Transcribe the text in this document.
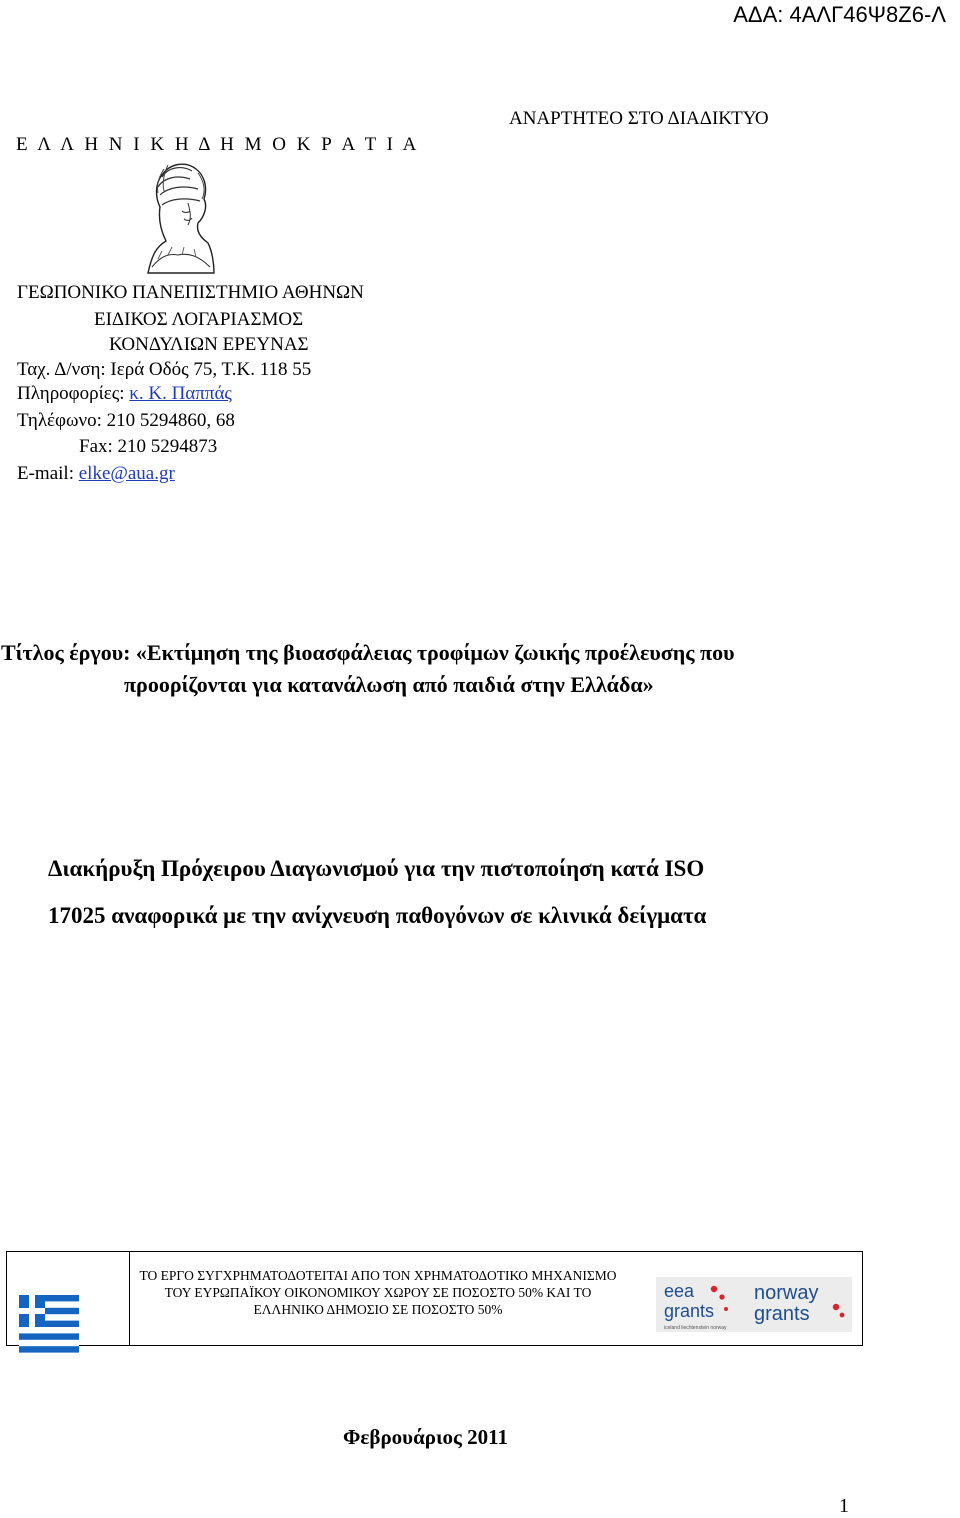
ΑΔΑ: 4ΑΛΓ46Ψ8Ζ6-Λ
Ε Λ Λ Η Ν Ι Κ Η Δ Η Μ Ο Κ Ρ Α Τ Ι Α
ΑΝΑΡΤΗΤΕΟ ΣΤΟ ΔΙΑΔΙΚΤΥΟ
ΓΕΩΠΟΝΙΚΟ ΠΑΝΕΠΙΣΤΗΜΙΟ ΑΘΗΝΩΝ
ΕΙΔΙΚΟΣ ΛΟΓΑΡΙΑΣΜΟΣ
ΚΟΝΔΥΛΙΩΝ ΕΡΕΥΝΑΣ
Ταχ. Δ/νση: Ιερά Οδός 75, Τ.Κ. 118 55
Πληροφορίες: κ. Κ. Παππάς
Τηλέφωνο: 210 5294860, 68
Fax: 210 5294873
E-mail: elke@aua.gr
Τίτλος έργου: «Εκτίμηση της βιοασφάλειας τροφίμων ζωικής προέλευσης που
προορίζονται για κατανάλωση από παιδιά στην Ελλάδα»
Διακήρυξη Πρόχειρου Διαγωνισμού για την πιστοποίηση κατά ISO
17025 αναφορικά με την ανίχνευση παθογόνων σε κλινικά δείγματα
ΤΟ ΕΡΓΟ ΣΥΓΧΡΗΜΑΤΟΔΟΤΕΙΤΑΙ ΑΠΟ ΤΟΝ ΧΡΗΜΑΤΟΔΟΤΙΚΟ ΜΗΧΑΝΙΣΜΟ ΤΟΥ ΕΥΡΩΠΑΪΚΟΥ ΟΙΚΟΝΟΜΙΚΟΥ ΧΩΡΟΥ ΣΕ ΠΟΣΟΣΤΟ 50% ΚΑΙ ΤΟ ΕΛΛΗΝΙΚΟ ΔΗΜΟΣΙΟ ΣΕ ΠΟΣΟΣΤΟ 50%
eea
grants
iceland liechtenstein norway
norway
grants
Φεβρουάριος 2011
1
